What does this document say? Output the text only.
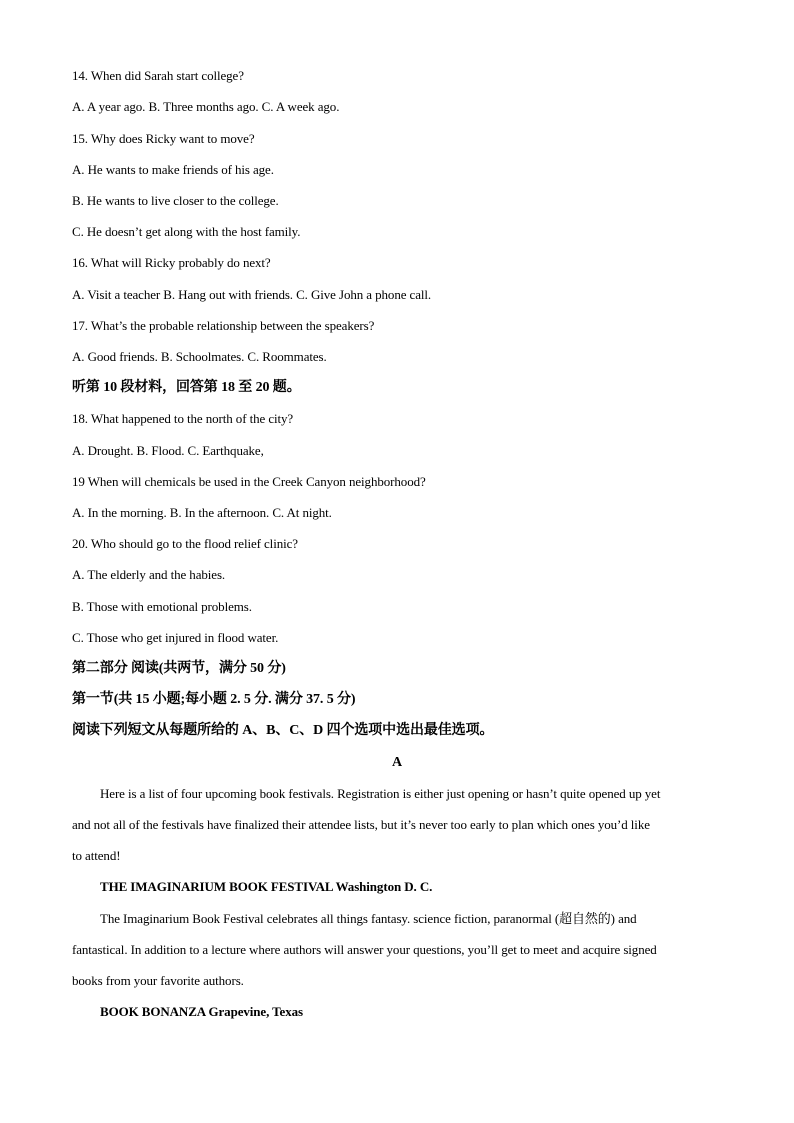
14. When did Sarah start college?
A. A year ago. B. Three months ago. C. A week ago.
15. Why does Ricky want to move?
A. He wants to make friends of his age.
B. He wants to live closer to the college.
C. He doesn’t get along with the host family.
16. What will Ricky probably do next?
A. Visit a teacher B. Hang out with friends. C. Give John a phone call.
17. What’s the probable relationship between the speakers?
A. Good friends. B. Schoolmates. C. Roommates.
听第 10 段材料，回答第 18 至 20 题。
18. What happened to the north of the city?
A. Drought. B. Flood. C. Earthquake,
19 When will chemicals be used in the Creek Canyon neighborhood?
A. In the morning. B. In the afternoon. C. At night.
20. Who should go to the flood relief clinic?
A. The elderly and the habies.
B. Those with emotional problems.
C. Those who get injured in flood water.
第二部分 阅读(共两节，满分 50 分)
第一节(共 15 小题;每小题 2. 5 分. 满分 37. 5 分)
阅读下列短文从每题所给的 A、B、C、D 四个选项中选出最佳选项。
A
Here is a list of four upcoming book festivals. Registration is either just opening or hasn’t quite opened up yet
and not all of the festivals have finalized their attendee lists, but it’s never too early to plan which ones you’d like
to attend!
THE IMAGINARIUM BOOK FESTIVAL Washington D. C.
The Imaginarium Book Festival celebrates all things fantasy. science fiction, paranormal (超自然的) and
fantastical. In addition to a lecture where authors will answer your questions, you’ll get to meet and acquire signed
books from your favorite authors.
BOOK BONANZA Grapevine, Texas
